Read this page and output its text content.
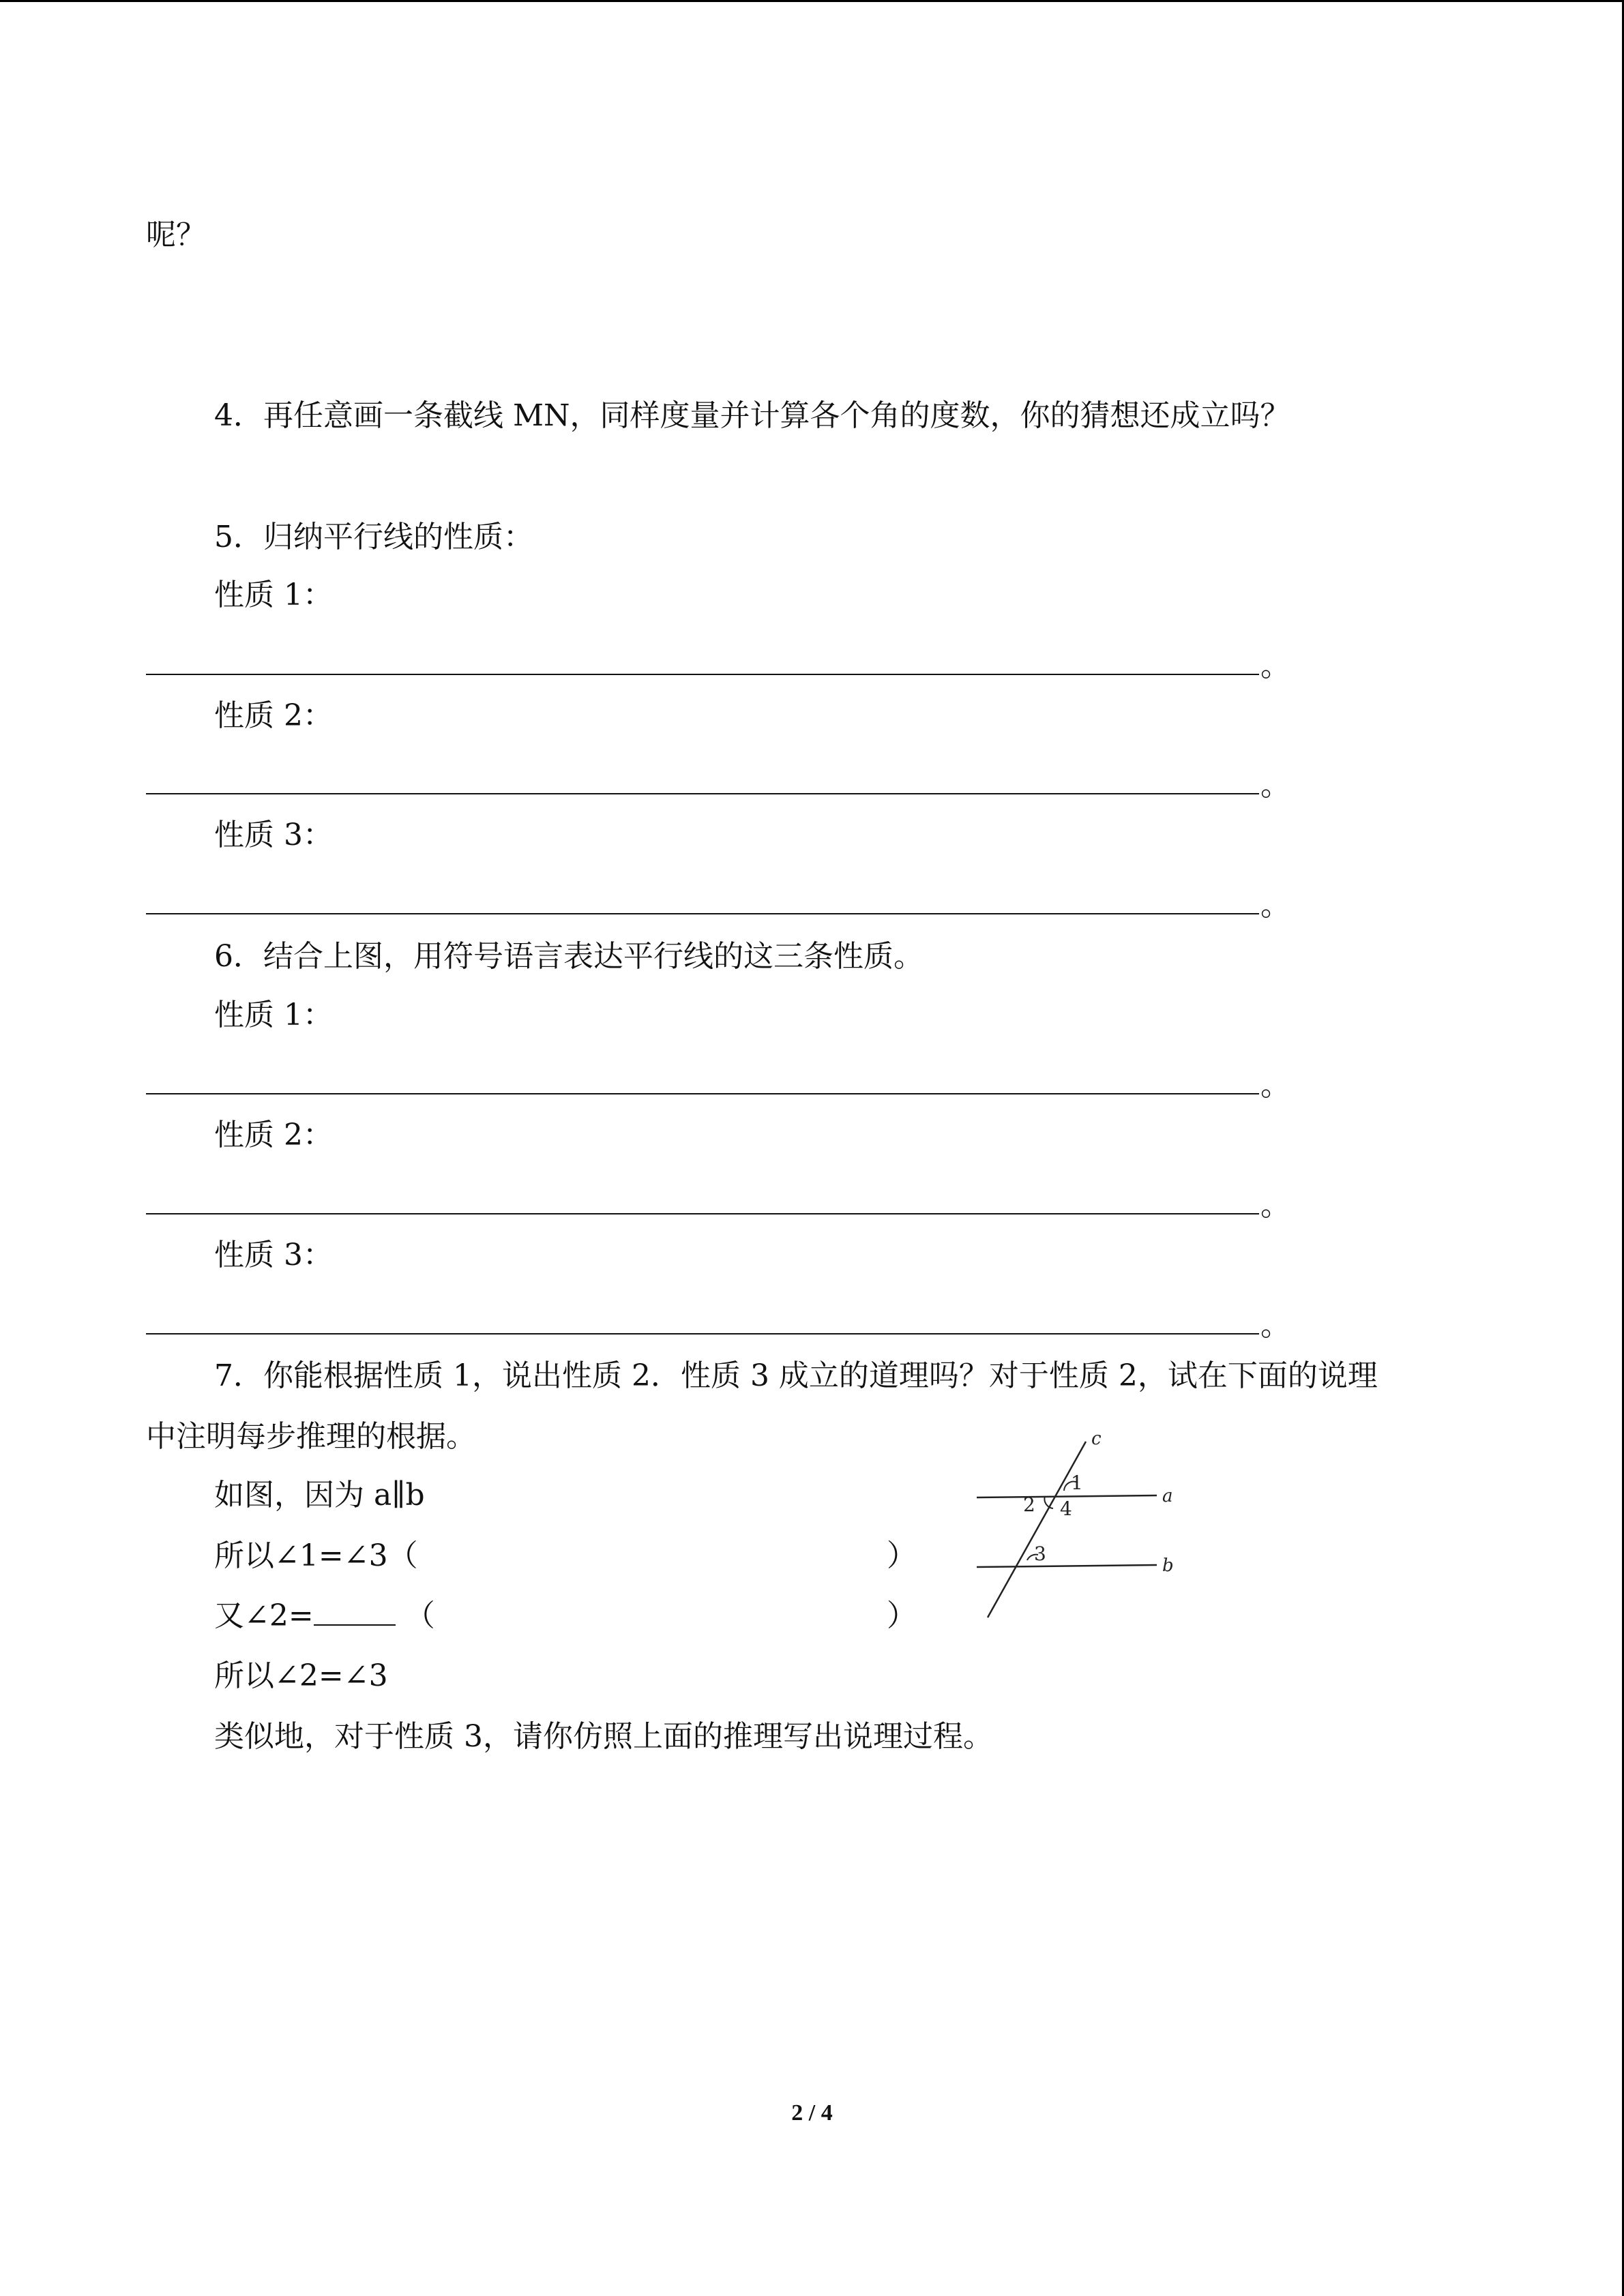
呢？
4．再任意画一条截线 MN，同样度量并计算各个角的度数，你的猜想还成立吗？
5．归纳平行线的性质：
性质 1：
。
性质 2：
。
性质 3：
。
6．结合上图，用符号语言表达平行线的这三条性质。
性质 1：
。
性质 2：
。
性质 3：
。
7．你能根据性质 1，说出性质 2．性质 3 成立的道理吗？对于性质 2，试在下面的说理
中注明每步推理的根据。
如图，因为 a∥b
所以∠1=∠3（	）
又∠2=	（	）
所以∠2=∠3
类似地，对于性质 3，请你仿照上面的推理写出说理过程。
c
a
b
1
2 4
3
2 / 4
